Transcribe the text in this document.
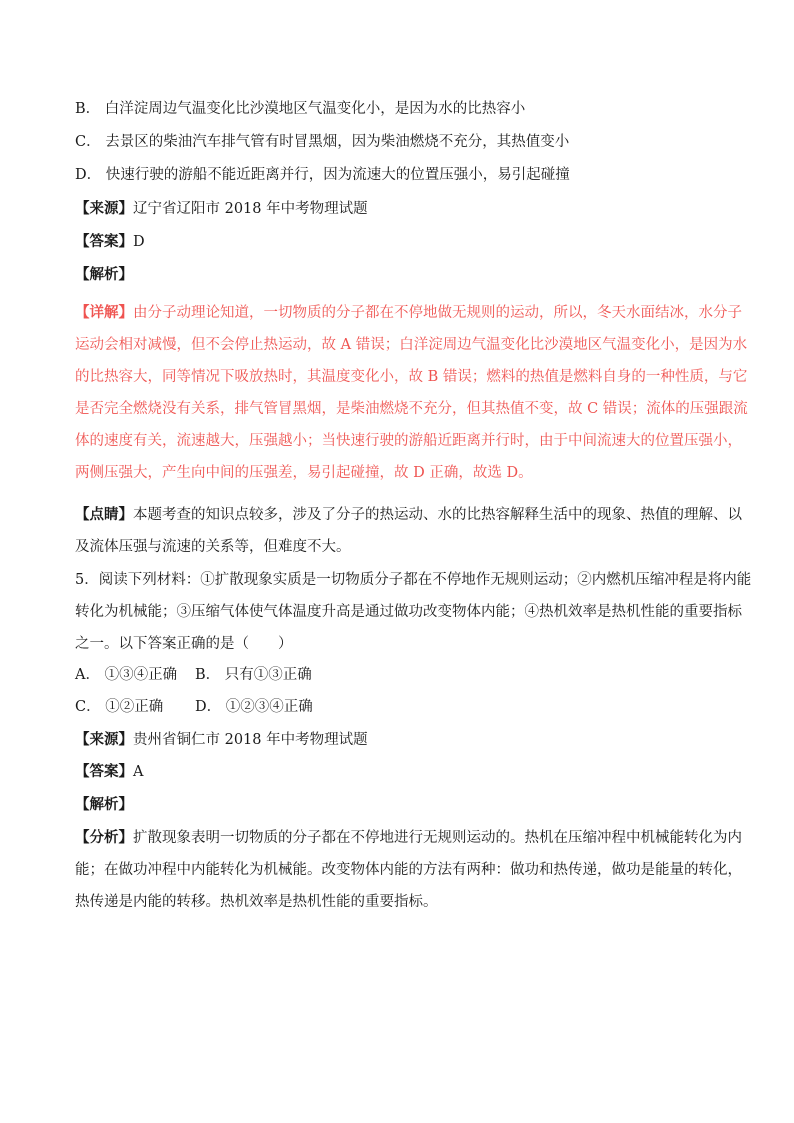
B． 白洋淀周边气温变化比沙漠地区气温变化小，是因为水的比热容小
C． 去景区的柴油汽车排气管有时冒黑烟，因为柴油燃烧不充分，其热值变小
D． 快速行驶的游船不能近距离并行，因为流速大的位置压强小，易引起碰撞
【来源】辽宁省辽阳市 2018 年中考物理试题
【答案】D
【解析】
【详解】由分子动理论知道，一切物质的分子都在不停地做无规则的运动，所以，冬天水面结冰，水分子
运动会相对减慢，但不会停止热运动，故 A 错误；白洋淀周边气温变化比沙漠地区气温变化小，是因为水
的比热容大，同等情况下吸放热时，其温度变化小，故 B 错误；燃料的热值是燃料自身的一种性质，与它
是否完全燃烧没有关系，排气管冒黑烟，是柴油燃烧不充分，但其热值不变，故 C 错误；流体的压强跟流
体的速度有关，流速越大，压强越小；当快速行驶的游船近距离并行时，由于中间流速大的位置压强小，
两侧压强大，产生向中间的压强差，易引起碰撞，故 D 正确，故选 D。
【点睛】本题考查的知识点较多，涉及了分子的热运动、水的比热容解释生活中的现象、热值的理解、以
及流体压强与流速的关系等，但难度不大。
5．阅读下列材料：①扩散现象实质是一切物质分子都在不停地作无规则运动；②内燃机压缩冲程是将内能
转化为机械能；③压缩气体使气体温度升高是通过做功改变物体内能；④热机效率是热机性能的重要指标
之一。以下答案正确的是（　　）
A． ①③④正确 B． 只有①③正确
C． ①②正确 D． ①②③④正确
【来源】贵州省铜仁市 2018 年中考物理试题
【答案】A
【解析】
【分析】扩散现象表明一切物质的分子都在不停地进行无规则运动的。热机在压缩冲程中机械能转化为内
能；在做功冲程中内能转化为机械能。改变物体内能的方法有两种：做功和热传递，做功是能量的转化，
热传递是内能的转移。热机效率是热机性能的重要指标。
